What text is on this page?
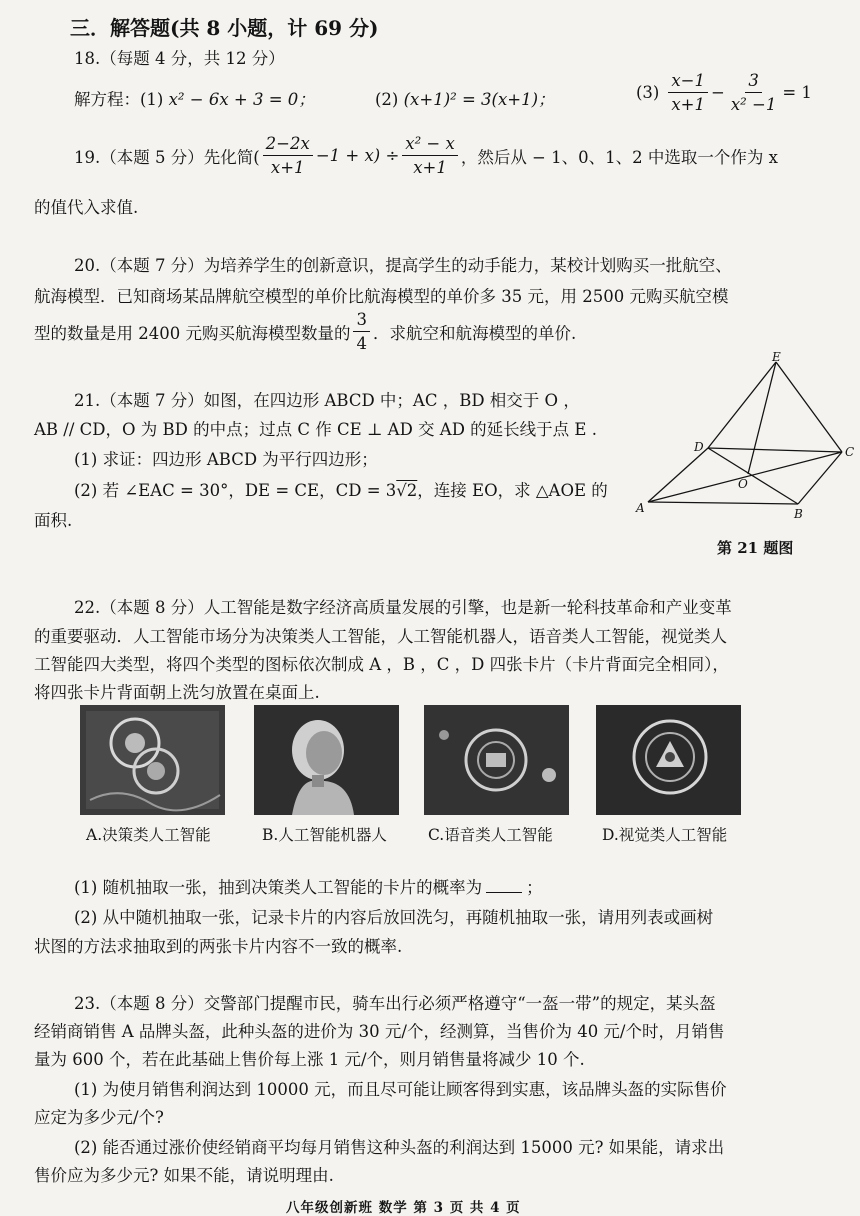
三．解答题(共 8 小题，计 69 分)
18.（每题 4 分，共 12 分）
解方程：(1) x² − 6x + 3 = 0；	(2) (x+1)² = 3(x+1)；	$(3) \frac{x-1}{x+1} - \frac{3}{\text{x² −1}} = 1$
19.（本题 5 分）先化简( $\frac{2-2x}{x+1} -1 + x) \div \frac{\text{x² − x}}{x+1}$ ，然后从 − 1、0、1、2 中选取一个作为 x
的值代入求值.
20.（本题 7 分）为培养学生的创新意识，提高学生的动手能力，某校计划购买一批航空、
航海模型．已知商场某品牌航空模型的单价比航海模型的单价多 35 元，用 2500 元购买航空模
型的数量是用 2400 元购买航海模型数量的 $\frac{3}{4}$ ．求航空和航海模型的单价.
21.（本题 7 分）如图，在四边形 ABCD 中；AC ，BD 相交于 O ，
AB // CD，O 为 BD 的中点；过点 C 作 CE ⊥ AD 交 AD 的延长线于点 E .
(1) 求证：四边形 ABCD 为平行四边形；
(2) 若 ∠EAC = 30°，DE = CE，CD = 3√2，连接 EO，求 △AOE 的
面积.
E
D	C
O
A	B
第 21 题图
22.（本题 8 分）人工智能是数字经济高质量发展的引擎，也是新一轮科技革命和产业变革
的重要驱动．人工智能市场分为决策类人工智能，人工智能机器人，语音类人工智能，视觉类人
工智能四大类型，将四个类型的图标依次制成 A ，B ，C ，D 四张卡片（卡片背面完全相同），
将四张卡片背面朝上洗匀放置在桌面上.
A.决策类人工智能	B.人工智能机器人	C.语音类人工智能	D.视觉类人工智能
(1) 随机抽取一张，抽到决策类人工智能的卡片的概率为	；
(2) 从中随机抽取一张，记录卡片的内容后放回洗匀，再随机抽取一张，请用列表或画树
状图的方法求抽取到的两张卡片内容不一致的概率.
23.（本题 8 分）交警部门提醒市民，骑车出行必须严格遵守“一盔一带”的规定，某头盔
经销商销售 A 品牌头盔，此种头盔的进价为 30 元/个，经测算，当售价为 40 元/个时，月销售
量为 600 个，若在此基础上售价每上涨 1 元/个，则月销售量将减少 10 个.
(1) 为使月销售利润达到 10000 元，而且尽可能让顾客得到实惠，该品牌头盔的实际售价
应定为多少元/个?
(2) 能否通过涨价使经销商平均每月销售这种头盔的利润达到 15000 元? 如果能，请求出
售价应为多少元? 如果不能，请说明理由.
八年级创新班 数学 第 3 页 共 4 页
